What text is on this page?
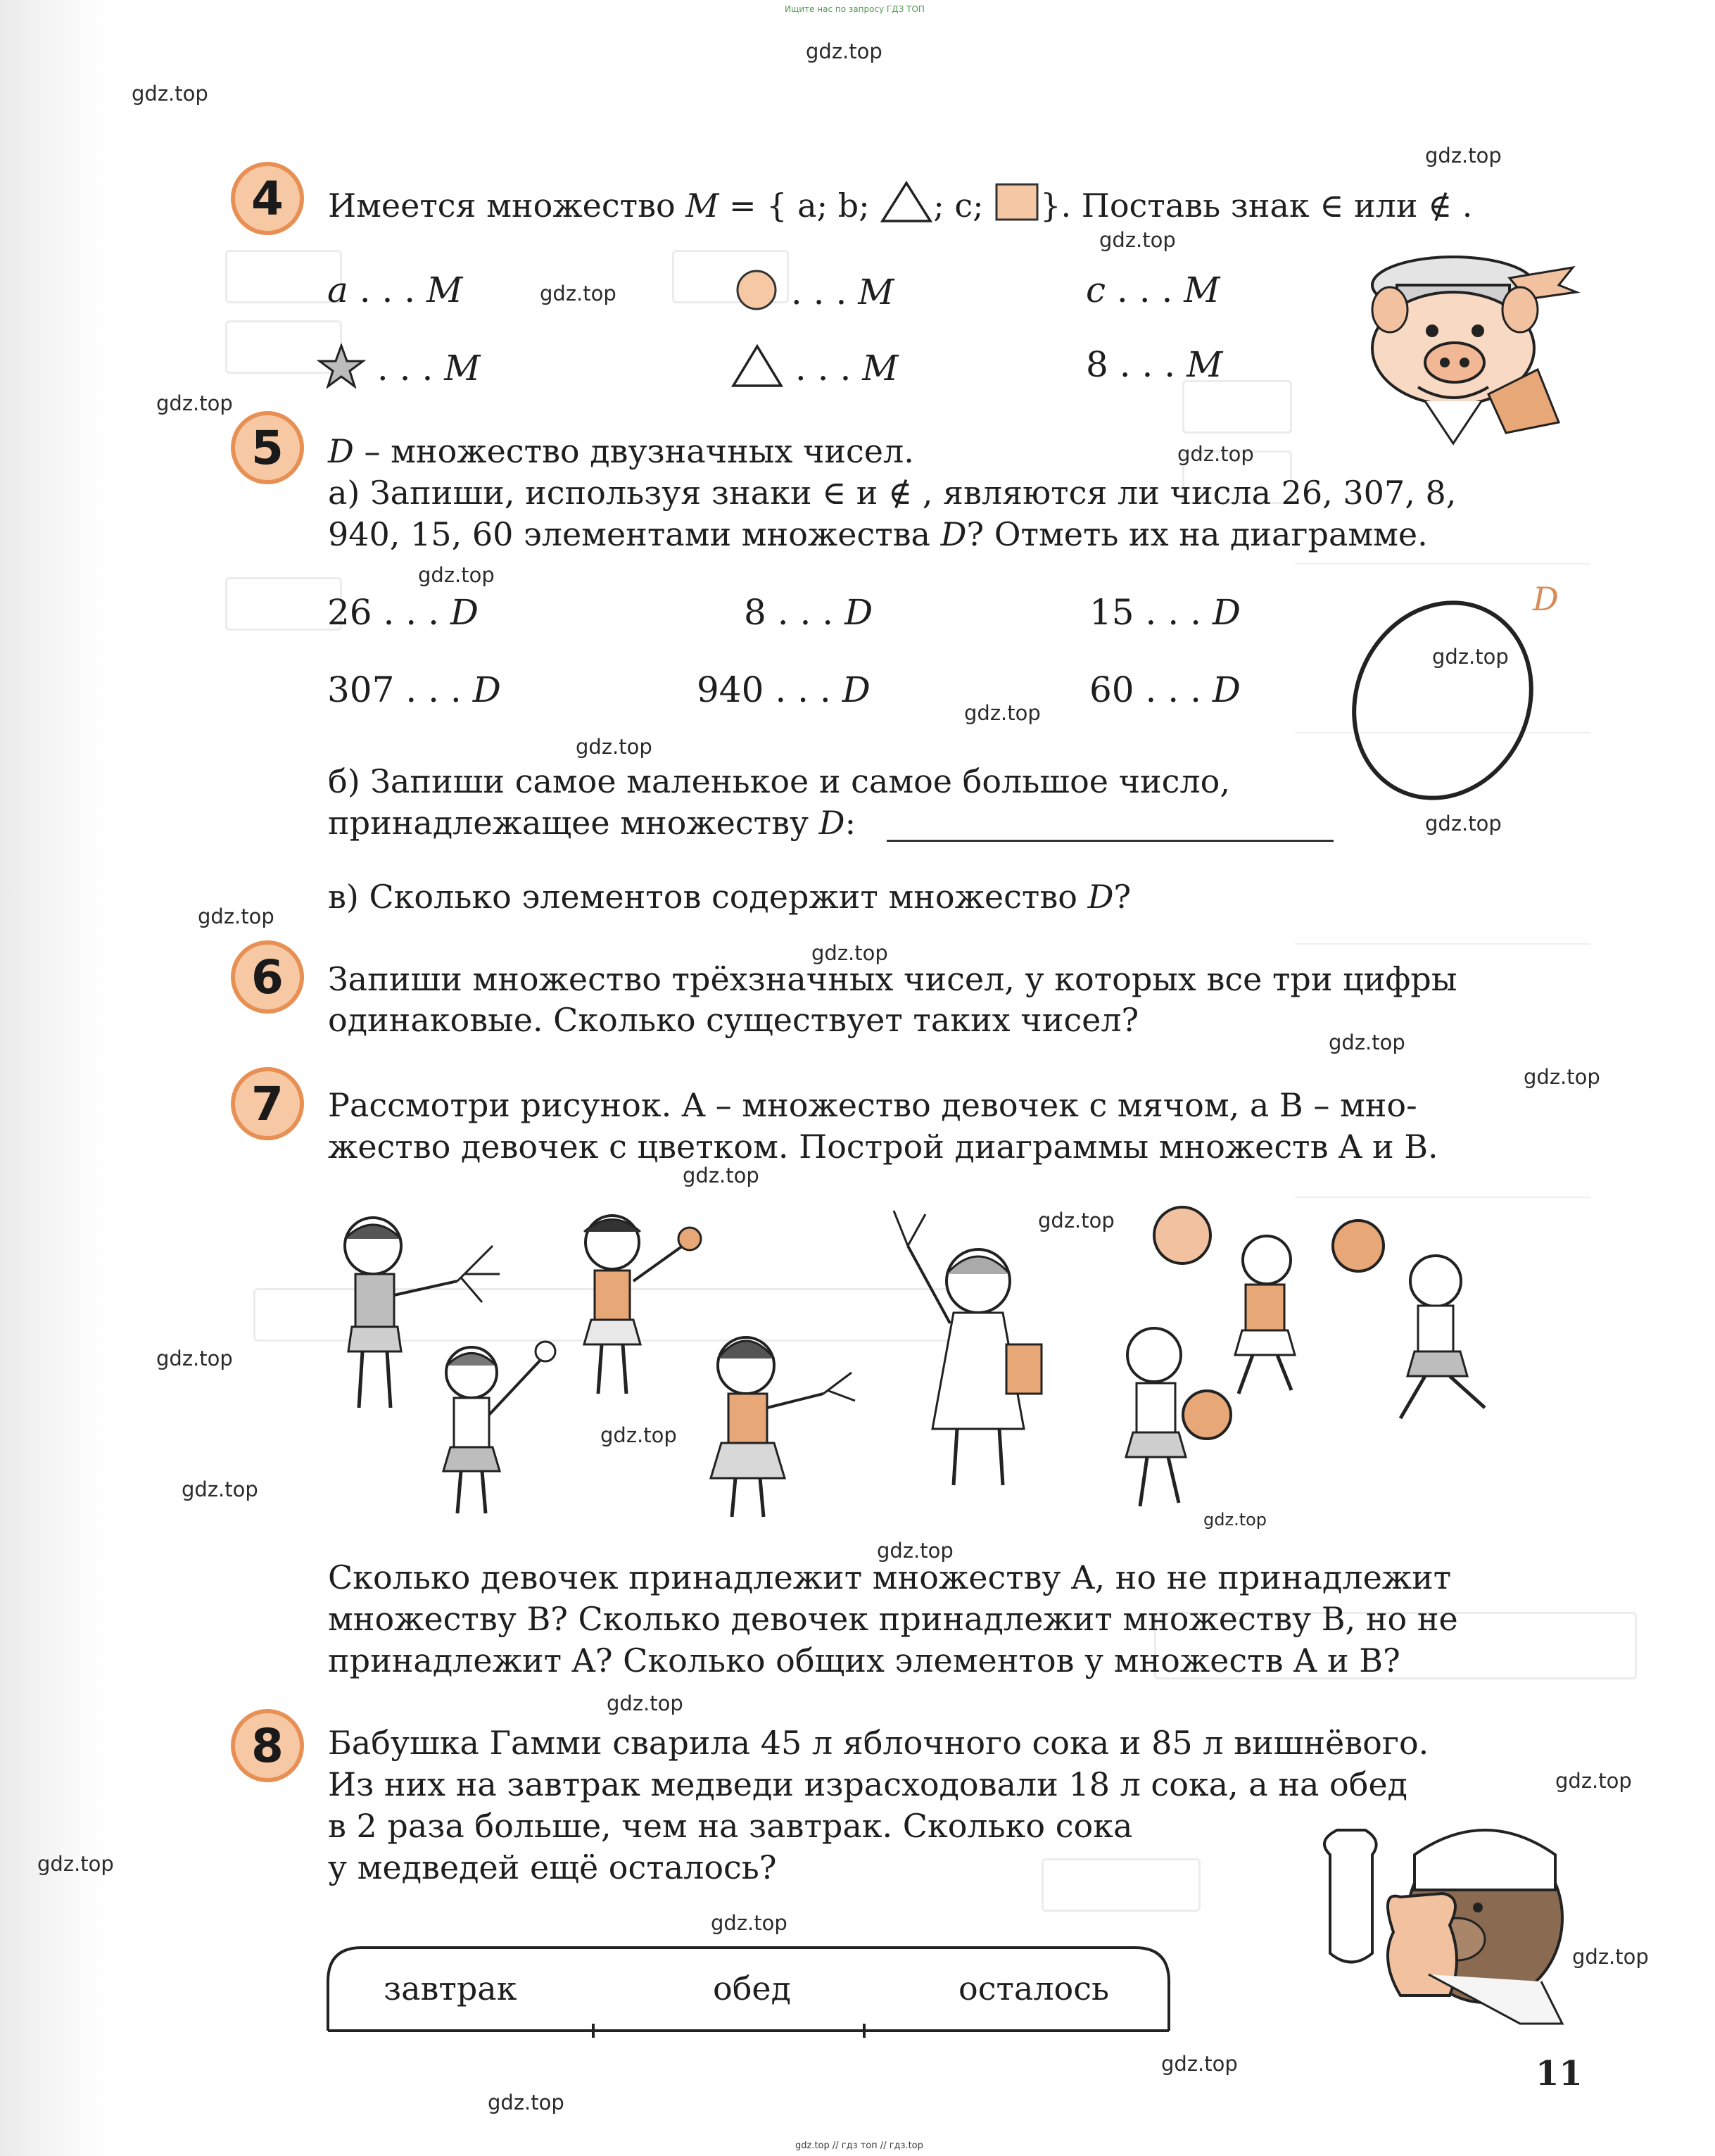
Ищите нас по запросу ГДЗ ТОП
gdz.top // гдз топ // гдз.top
gdz.top
gdz.top
gdz.top
gdz.top
gdz.top
gdz.top
gdz.top
gdz.top
gdz.top
gdz.top
gdz.top
gdz.top
gdz.top
gdz.top
gdz.top
gdz.top
gdz.top
gdz.top
gdz.top
gdz.top
gdz.top
gdz.top
gdz.top
gdz.top
gdz.top
gdz.top
gdz.top
gdz.top
gdz.top
gdz.top
4 Имеется множество M = { a; b; ; c; }. Поставь знак ∈ или ∉ .
a . . . M	. . . M	c . . . M
. . . M	. . . M	8 . . . M
5 D – множество двузначных чисел.
а) Запиши, используя знаки ∈ и ∉ , являются ли числа 26, 307, 8,
940, 15, 60 элементами множества D? Отметь их на диаграмме.
26 . . . D	8 . . . D	15 . . . D
307 . . . D	940 . . . D	60 . . . D
D
б) Запиши самое маленькое и самое большое число,
принадлежащее множеству D:
в) Сколько элементов содержит множество D?
6 Запиши множество трёхзначных чисел, у которых все три цифры
одинаковые. Сколько существует таких чисел?
7 Рассмотри рисунок. A – множество девочек с мячом, а B – мно-
жество девочек с цветком. Построй диаграммы множеств A и B.
Сколько девочек принадлежит множеству A, но не принадлежит
множеству B? Сколько девочек принадлежит множеству B, но не
принадлежит A? Сколько общих элементов у множеств A и B?
8 Бабушка Гамми сварила 45 л яблочного сока и 85 л вишнёвого.
Из них на завтрак медведи израсходовали 18 л сока, а на обед
в 2 раза больше, чем на завтрак. Сколько сока
у медведей ещё осталось?
завтрак	обед	осталось
11
